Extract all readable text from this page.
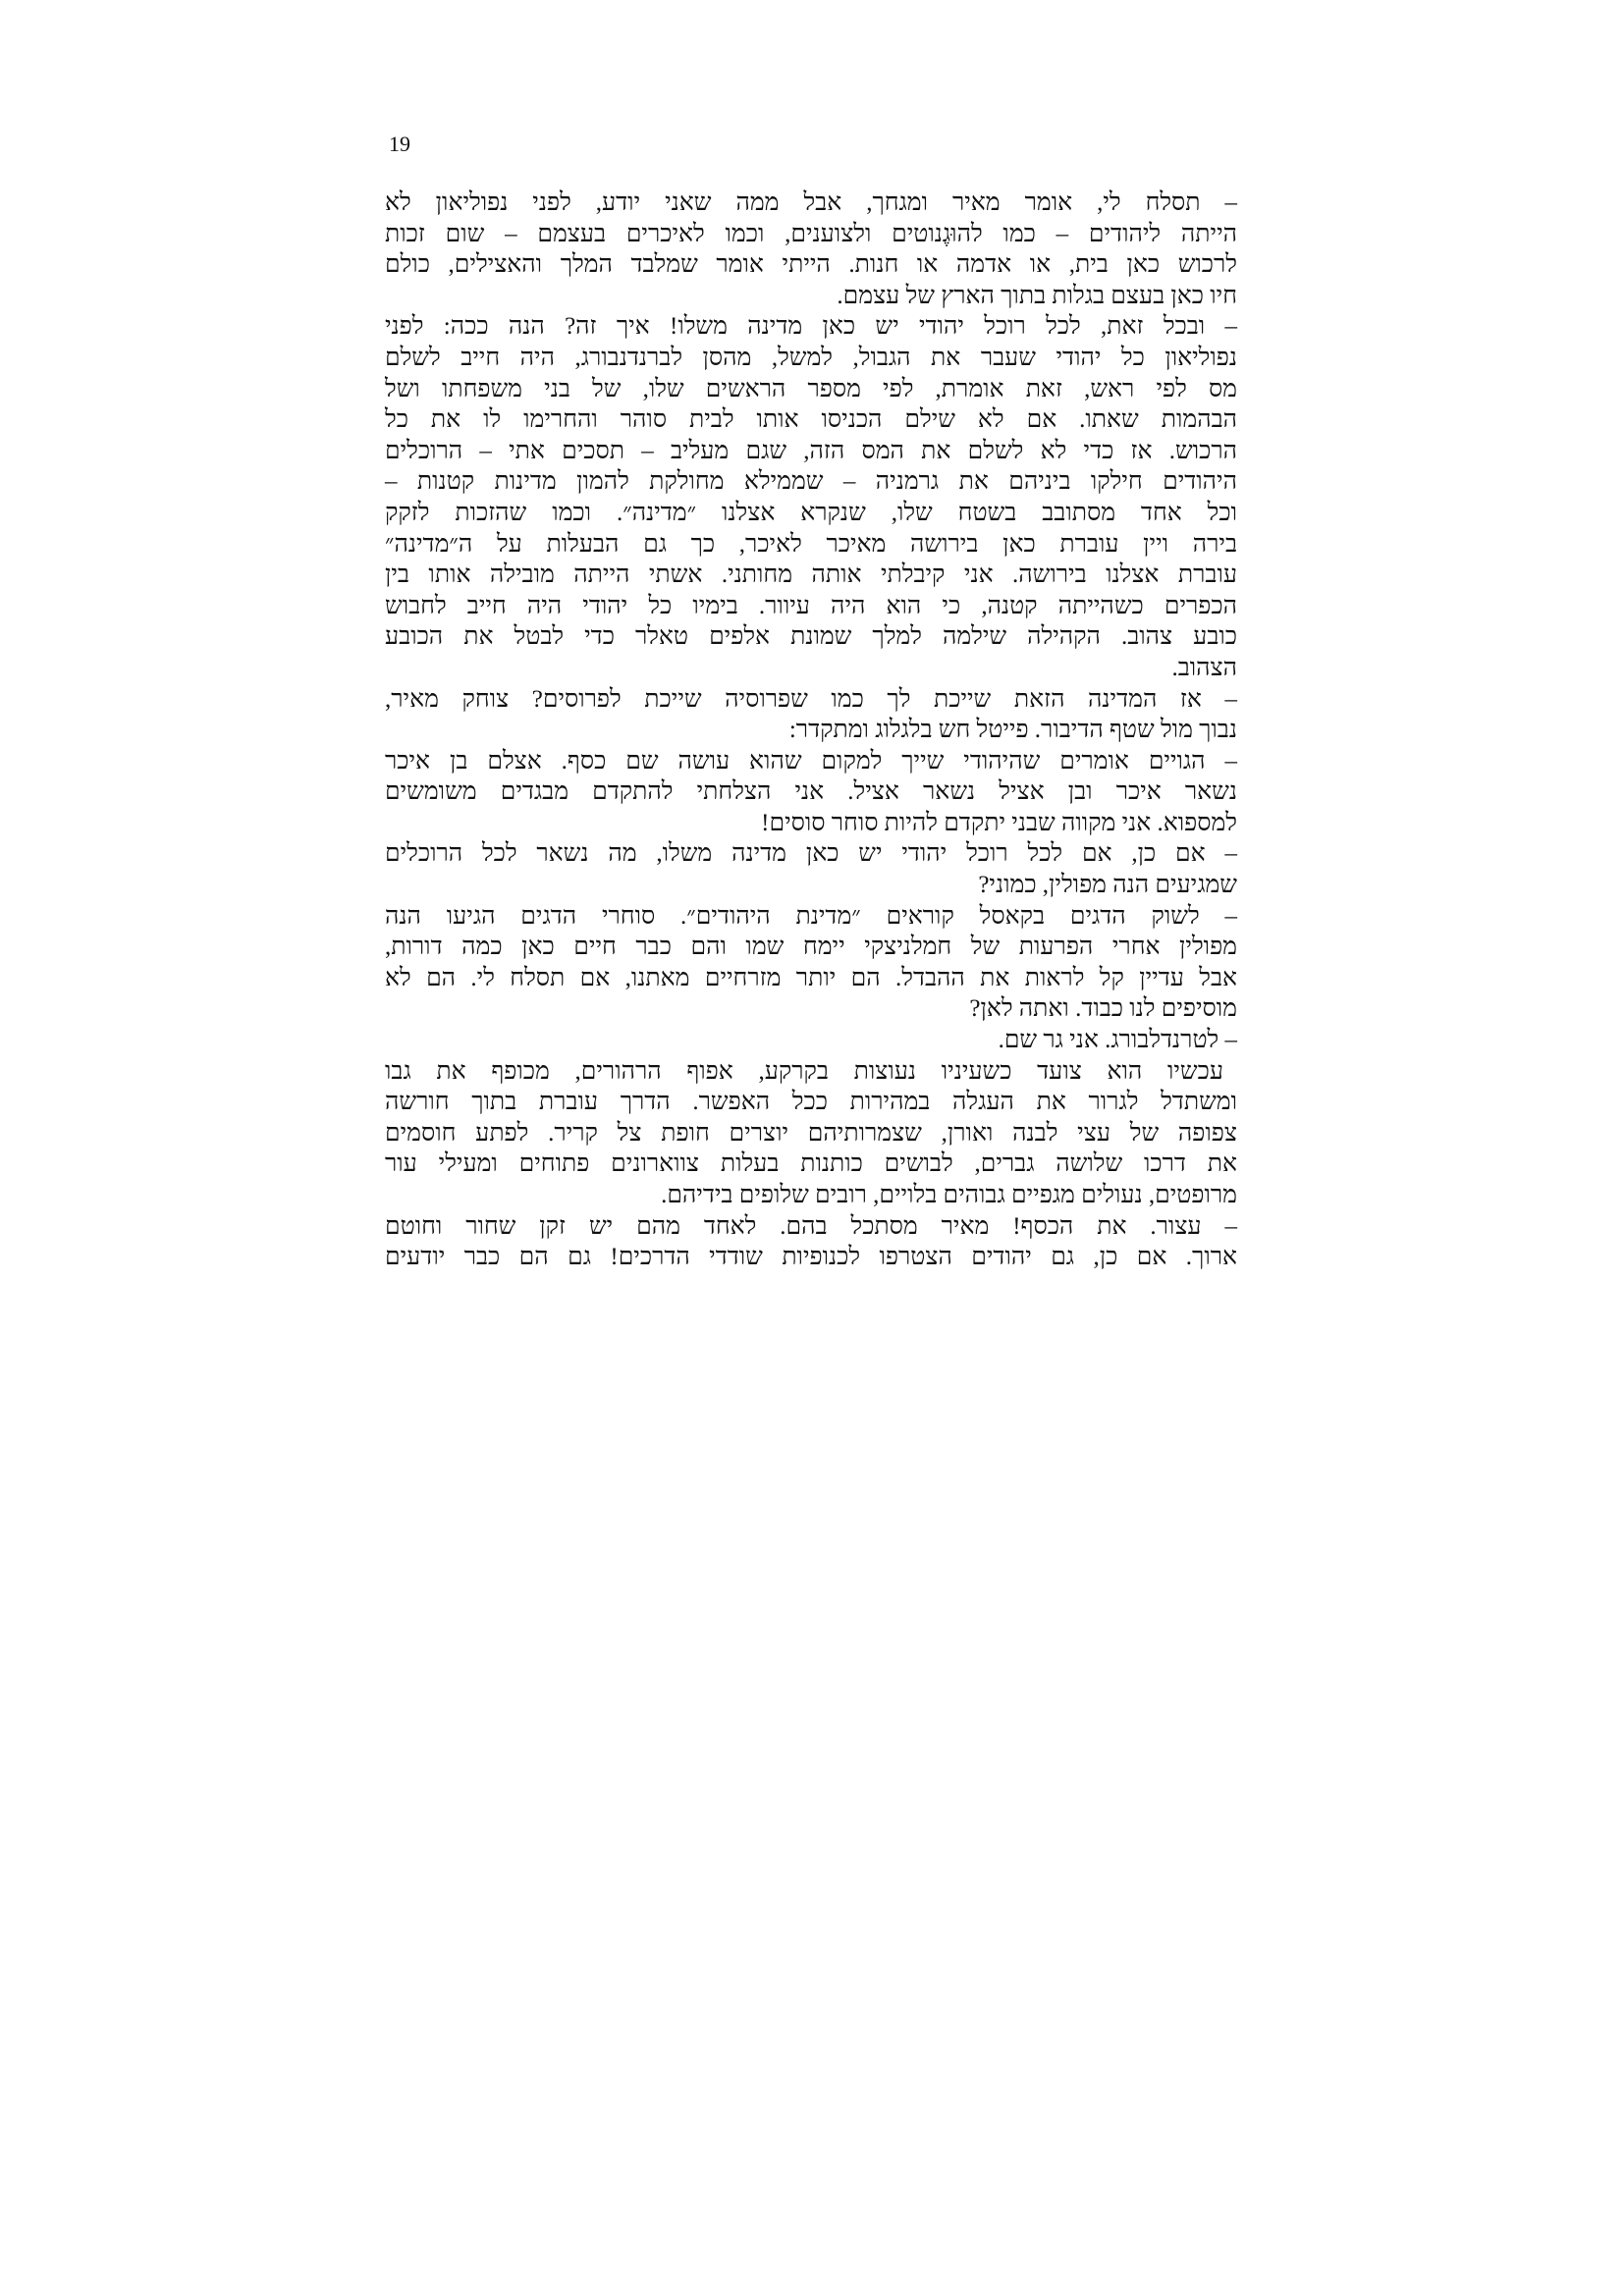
19
– תסלח לי, אומר מאיר ומגחך, אבל ממה שאני יודע, לפני נפוליאון לא
הייתה ליהודים – כמו להוּגֶנוטים ולצוענים, וכמו לאיכרים בעצמם – שום זכות
לרכוש כאן בית, או אדמה או חנות. הייתי אומר שמלבד המלך והאצילים, כולם
חיו כאן בעצם בגלות בתוך הארץ של עצמם.
– ובכל זאת, לכל רוכל יהודי יש כאן מדינה משלו! איך זה? הנה ככה: לפני
נפוליאון כל יהודי שעבר את הגבול, למשל, מהסן לברנדנבורג, היה חייב לשלם
מס לפי ראש, זאת אומרת, לפי מספר הראשים שלו, של בני משפחתו ושל
הבהמות שאתו. אם לא שילם הכניסו אותו לבית סוהר והחרימו לו את כל
הרכוש. אז כדי לא לשלם את המס הזה, שגם מעליב – תסכים אתי – הרוכלים
היהודים חילקו ביניהם את גרמניה – שממילא מחולקת להמון מדינות קטנות –
וכל אחד מסתובב בשטח שלו, שנקרא אצלנו ״מדינה״. וכמו שהזכות לזקק
בירה ויין עוברת כאן בירושה מאיכר לאיכר, כך גם הבעלות על ה״מדינה״
עוברת אצלנו בירושה. אני קיבלתי אותה מחותני. אשתי הייתה מובילה אותו בין
הכפרים כשהייתה קטנה, כי הוא היה עיוור. בימיו כל יהודי היה חייב לחבוש
כובע צהוב. הקהילה שילמה למלך שמונת אלפים טאלר כדי לבטל את הכובע
הצהוב.
– אז המדינה הזאת שייכת לך כמו שפרוסיה שייכת לפרוסים? צוחק מאיר,
נבוך מול שטף הדיבור. פייטל חש בלגלוג ומתקדר:
– הגויים אומרים שהיהודי שייך למקום שהוא עושה שם כסף. אצלם בן איכר
נשאר איכר ובן אציל נשאר אציל. אני הצלחתי להתקדם מבגדים משומשים
למספוא. אני מקווה שבני יתקדם להיות סוחר סוסים!
– אם כן, אם לכל רוכל יהודי יש כאן מדינה משלו, מה נשאר לכל הרוכלים
שמגיעים הנה מפולין, כמוני?
– לשוק הדגים בקאסל קוראים ״מדינת היהודים״. סוחרי הדגים הגיעו הנה
מפולין אחרי הפרעות של חמלניצקי יימח שמו והם כבר חיים כאן כמה דורות,
אבל עדיין קל לראות את ההבדל. הם יותר מזרחיים מאתנו, אם תסלח לי. הם לא
מוסיפים לנו כבוד. ואתה לאן?
– לטרנדלבורג. אני גר שם.
עכשיו הוא צועד כשעיניו נעוצות בקרקע, אפוף הרהורים, מכופף את גבו
ומשתדל לגרור את העגלה במהירות ככל האפשר. הדרך עוברת בתוך חורשה
צפופה של עצי לבנה ואורן, שצמרותיהם יוצרים חופת צל קריר. לפתע חוסמים
את דרכו שלושה גברים, לבושים כותנות בעלות צווארונים פתוחים ומעילי עור
מרופטים, נעולים מגפיים גבוהים בלויים, רובים שלופים בידיהם.
– עצור. את הכסף! מאיר מסתכל בהם. לאחד מהם יש זקן שחור וחוטם
ארוך. אם כן, גם יהודים הצטרפו לכנופיות שודדי הדרכים! גם הם כבר יודעים
